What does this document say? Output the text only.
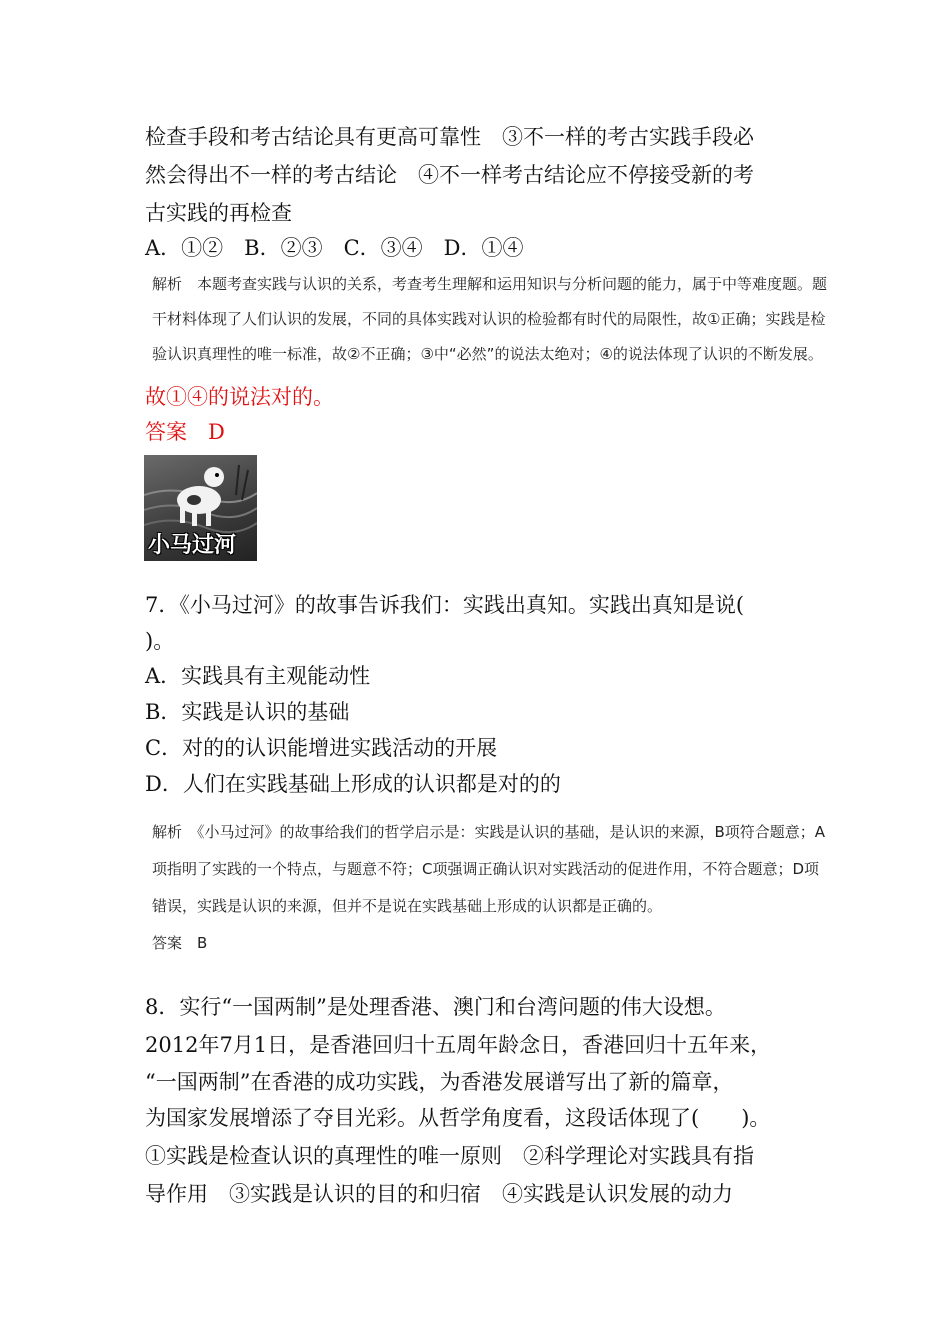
检查手段和考古结论具有更高可靠性　③不一样的考古实践手段必
然会得出不一样的考古结论　④不一样考古结论应不停接受新的考
古实践的再检查
A．①②　B．②③　C．③④　D．①④
解析　本题考查实践与认识的关系，考查考生理解和运用知识与分析问题的能力，属于中等难度题。题
干材料体现了人们认识的发展，不同的具体实践对认识的检验都有时代的局限性，故①正确；实践是检
验认识真理性的唯一标准，故②不正确；③中“必然”的说法太绝对；④的说法体现了认识的不断发展。
故①④的说法对的。
答案　D
小马过河
7．《小马过河》的故事告诉我们：实践出真知。实践出真知是说(
)。
A．实践具有主观能动性
B．实践是认识的基础
C．对的的认识能增进实践活动的开展
D．人们在实践基础上形成的认识都是对的的
解析　《小马过河》的故事给我们的哲学启示是：实践是认识的基础，是认识的来源，B项符合题意；A
项指明了实践的一个特点，与题意不符；C项强调正确认识对实践活动的促进作用，不符合题意；D项
错误，实践是认识的来源，但并不是说在实践基础上形成的认识都是正确的。
答案　B
8．实行“一国两制”是处理香港、澳门和台湾问题的伟大设想。
2012年7月1日，是香港回归十五周年龄念日，香港回归十五年来，
“一国两制”在香港的成功实践，为香港发展谱写出了新的篇章，
为国家发展增添了夺目光彩。从哲学角度看，这段话体现了(　　)。
①实践是检查认识的真理性的唯一原则　②科学理论对实践具有指
导作用　③实践是认识的目的和归宿　④实践是认识发展的动力
